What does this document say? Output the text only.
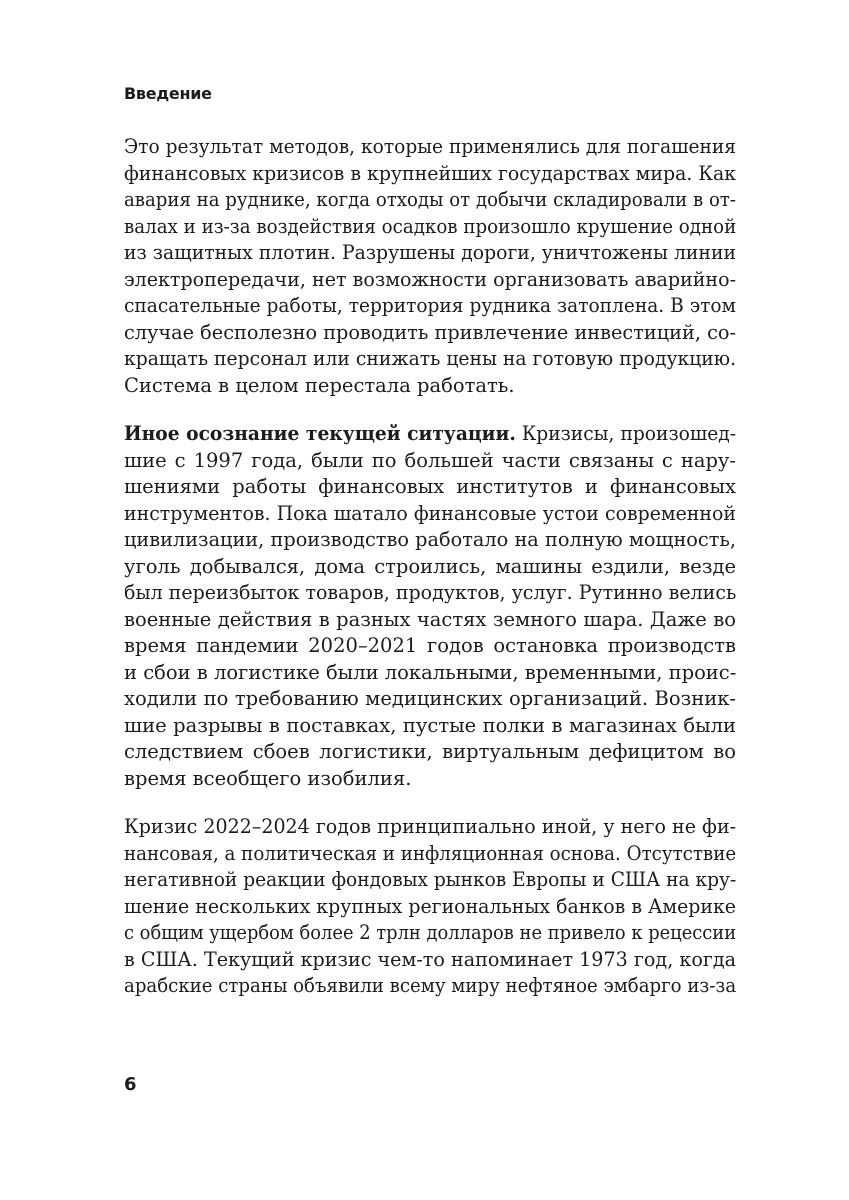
Введение
Это результат методов, которые применялись для погашения
финансовых кризисов в крупнейших государствах мира. Как
авария на руднике, когда отходы от добычи складировали в от-
валах и из-за воздействия осадков произошло крушение одной
из защитных плотин. Разрушены дороги, уничтожены линии
электропередачи, нет возможности организовать аварийно-
спасательные работы, территория рудника затоплена. В этом
случае бесполезно проводить привлечение инвестиций, со-
кращать персонал или снижать цены на готовую продукцию.
Система в целом перестала работать.
Иное осознание текущей ситуации. Кризисы, произошед-
шие с 1997 года, были по большей части связаны с нару-
шениями работы финансовых институтов и финансовых
инструментов. Пока шатало финансовые устои современной
цивилизации, производство работало на полную мощность,
уголь добывался, дома строились, машины ездили, везде
был переизбыток товаров, продуктов, услуг. Рутинно велись
военные действия в разных частях земного шара. Даже во
время пандемии 2020–2021 годов остановка производств
и сбои в логистике были локальными, временными, проис-
ходили по требованию медицинских организаций. Возник-
шие разрывы в поставках, пустые полки в магазинах были
следствием сбоев логистики, виртуальным дефицитом во
время всеобщего изобилия.
Кризис 2022–2024 годов принципиально иной, у него не фи-
нансовая, а политическая и инфляционная основа. Отсутствие
негативной реакции фондовых рынков Европы и США на кру-
шение нескольких крупных региональных банков в Америке
с общим ущербом более 2 трлн долларов не привело к рецессии
в США. Текущий кризис чем-то напоминает 1973 год, когда
арабские страны объявили всему миру нефтяное эмбарго из-за
6
